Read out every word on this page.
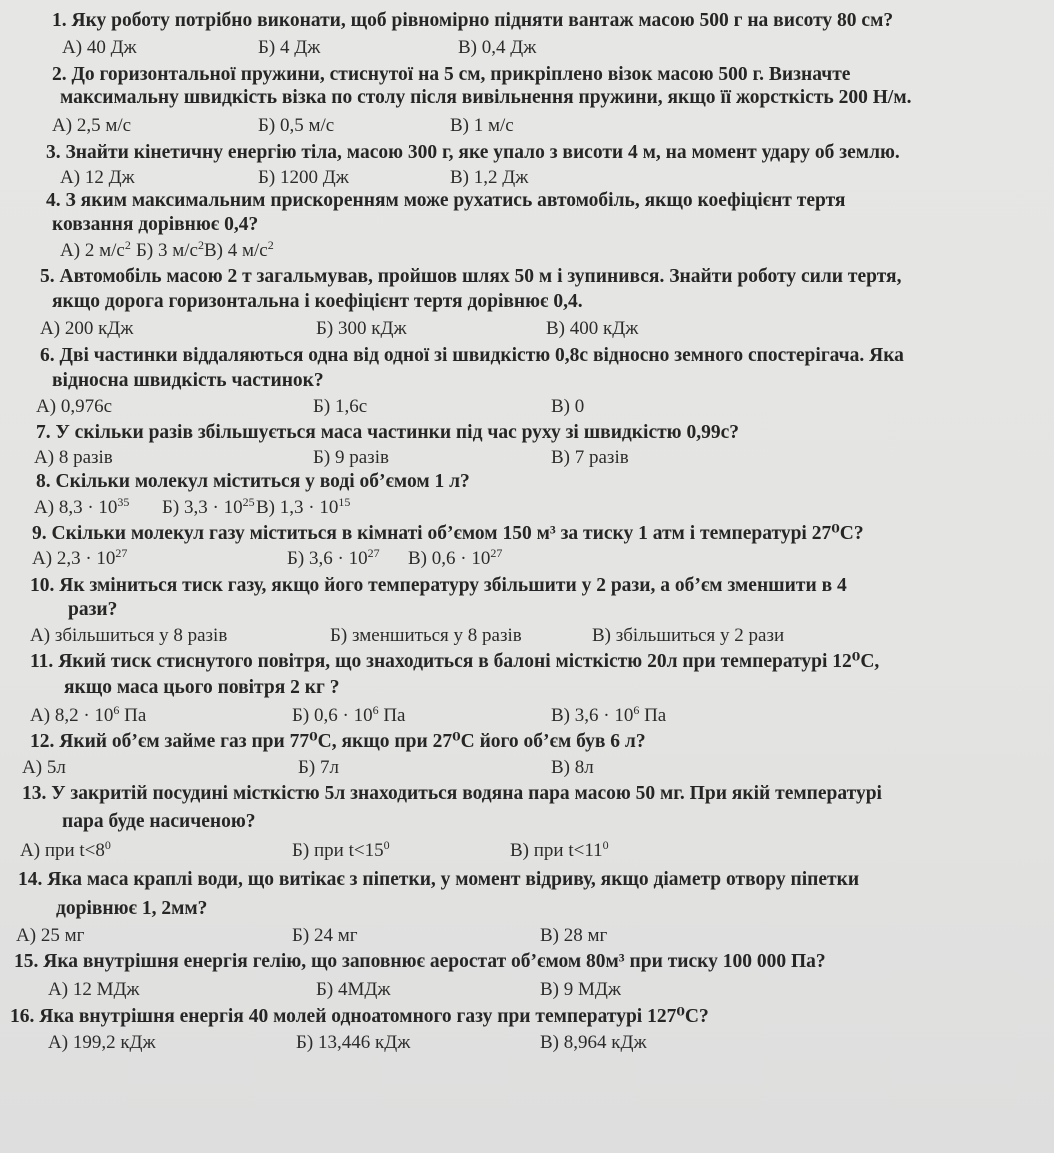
1. Яку роботу потрібно виконати, щоб рівномірно підняти вантаж масою 500 г на висоту 80 см?
А) 40 Дж	Б) 4 Дж	В) 0,4 Дж
2. До горизонтальної пружини, стиснутої на 5 см, прикріплено візок масою 500 г. Визначте
максимальну швидкість візка по столу після вивільнення пружини, якщо її жорсткість 200 Н/м.
А) 2,5 м/с	Б) 0,5 м/с	В) 1 м/с
3. Знайти кінетичну енергію тіла, масою 300 г, яке упало з висоти 4 м, на момент удару об землю.
А) 12 Дж	Б) 1200 Дж	В) 1,2 Дж
4. З яким максимальним прискоренням може рухатись автомобіль, якщо коефіцієнт тертя
ковзання дорівнює 0,4?
А) 2 $м/с^2$ Б) 3 $м/с^2$ В) 4 $м/с^2$
5. Автомобіль масою 2 т загальмував, пройшов шлях 50 м і зупинився. Знайти роботу сили тертя,
якщо дорога горизонтальна і коефіцієнт тертя дорівнює 0,4.
А) 200 кДж	Б) 300 кДж	В) 400 кДж
6. Дві частинки віддаляються одна від одної зі швидкістю 0,8с відносно земного спостерігача. Яка
відносна швидкість частинок?
А) 0,976с	Б) 1,6с	В) 0
7. У скільки разів збільшується маса частинки під час руху зі швидкістю 0,99с?
А) 8 разів	Б) 9 разів	В) 7 разів
8. Скільки молекул міститься у воді об’ємом 1 л?
А) $8,3 \cdot 10^{35}$ Б) $3,3 \cdot 10^{25}$ В) $1,3 \cdot 10^{15}$
9. Скільки молекул газу міститься в кімнаті об’ємом 150 м³ за тиску 1 атм і температурі 27⁰С?
А) $2,3 \cdot 10^{27}$	Б) $3,6 \cdot 10^{27}$ В) $0,6 \cdot 10^{27}$
10. Як зміниться тиск газу, якщо його температуру збільшити у 2 рази, а об’єм зменшити в 4
рази?
А) збільшиться у 8 разів	Б) зменшиться у 8 разів	В) збільшиться у 2 рази
11. Який тиск стиснутого повітря, що знаходиться в балоні місткістю 20л при температурі 12⁰С,
якщо маса цього повітря 2 кг ?
А) $8,2 \cdot 10^6$ Па	Б) $0,6 \cdot 10^6$ Па	В) $3,6 \cdot 10^6$ Па
12. Який об’єм займе газ при 77⁰С, якщо при 27⁰С його об’єм був 6 л?
А) 5л	Б) 7л	В) 8л
13. У закритій посудині місткістю 5л знаходиться водяна пара масою 50 мг. При якій температурі
пара буде насиченою?
А) при $t<8^0$	Б) при $t<15^0$	В) при $t<11^0$
14. Яка маса краплі води, що витікає з піпетки, у момент відриву, якщо діаметр отвору піпетки
дорівнює 1, 2мм?
А) 25 мг	Б) 24 мг	В) 28 мг
15. Яка внутрішня енергія гелію, що заповнює аеростат об’ємом 80м³ при тиску 100 000 Па?
А) 12 МДж	Б) 4МДж	В) 9 МДж
16. Яка внутрішня енергія 40 молей одноатомного газу при температурі 127⁰С?
А) 199,2 кДж	Б) 13,446 кДж	В) 8,964 кДж
